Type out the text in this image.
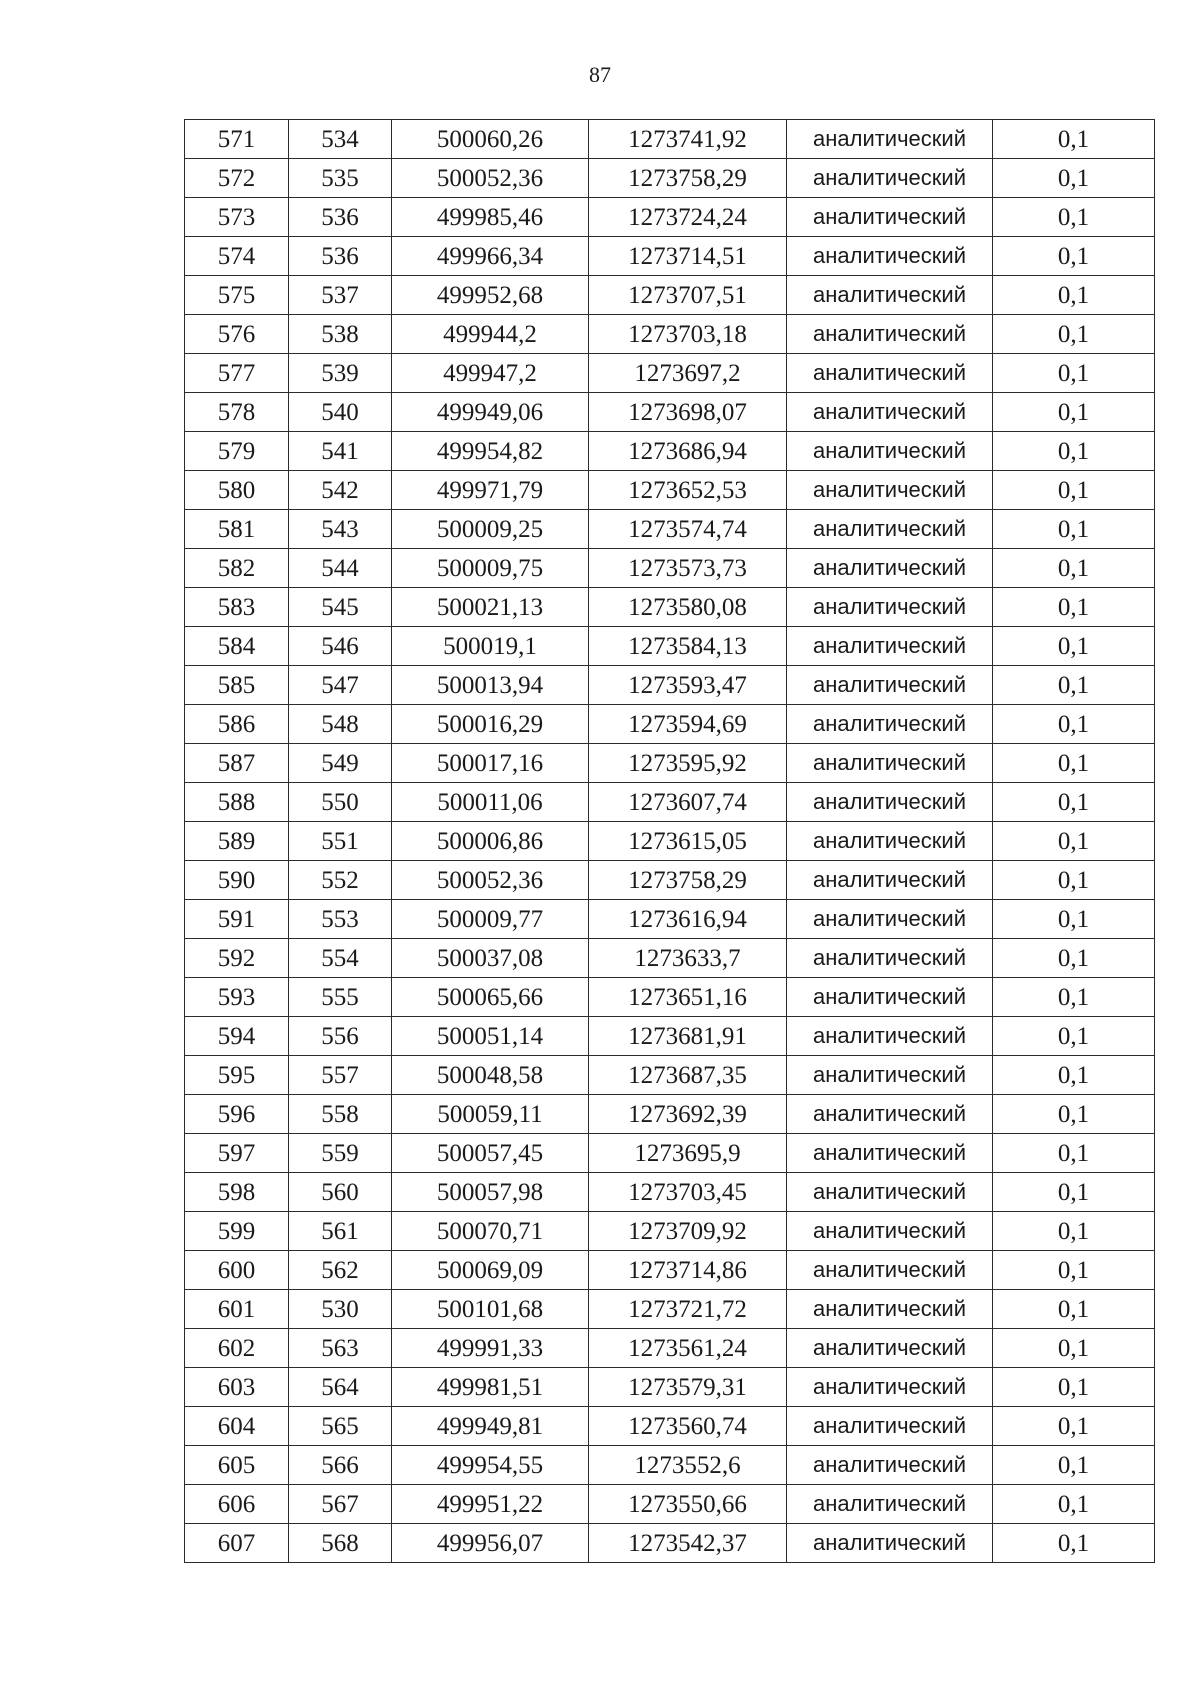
87
571	534	500060,26	1273741,92	аналитический	0,1
572	535	500052,36	1273758,29	аналитический	0,1
573	536	499985,46	1273724,24	аналитический	0,1
574	536	499966,34	1273714,51	аналитический	0,1
575	537	499952,68	1273707,51	аналитический	0,1
576	538	499944,2	1273703,18	аналитический	0,1
577	539	499947,2	1273697,2	аналитический	0,1
578	540	499949,06	1273698,07	аналитический	0,1
579	541	499954,82	1273686,94	аналитический	0,1
580	542	499971,79	1273652,53	аналитический	0,1
581	543	500009,25	1273574,74	аналитический	0,1
582	544	500009,75	1273573,73	аналитический	0,1
583	545	500021,13	1273580,08	аналитический	0,1
584	546	500019,1	1273584,13	аналитический	0,1
585	547	500013,94	1273593,47	аналитический	0,1
586	548	500016,29	1273594,69	аналитический	0,1
587	549	500017,16	1273595,92	аналитический	0,1
588	550	500011,06	1273607,74	аналитический	0,1
589	551	500006,86	1273615,05	аналитический	0,1
590	552	500052,36	1273758,29	аналитический	0,1
591	553	500009,77	1273616,94	аналитический	0,1
592	554	500037,08	1273633,7	аналитический	0,1
593	555	500065,66	1273651,16	аналитический	0,1
594	556	500051,14	1273681,91	аналитический	0,1
595	557	500048,58	1273687,35	аналитический	0,1
596	558	500059,11	1273692,39	аналитический	0,1
597	559	500057,45	1273695,9	аналитический	0,1
598	560	500057,98	1273703,45	аналитический	0,1
599	561	500070,71	1273709,92	аналитический	0,1
600	562	500069,09	1273714,86	аналитический	0,1
601	530	500101,68	1273721,72	аналитический	0,1
602	563	499991,33	1273561,24	аналитический	0,1
603	564	499981,51	1273579,31	аналитический	0,1
604	565	499949,81	1273560,74	аналитический	0,1
605	566	499954,55	1273552,6	аналитический	0,1
606	567	499951,22	1273550,66	аналитический	0,1
607	568	499956,07	1273542,37	аналитический	0,1
